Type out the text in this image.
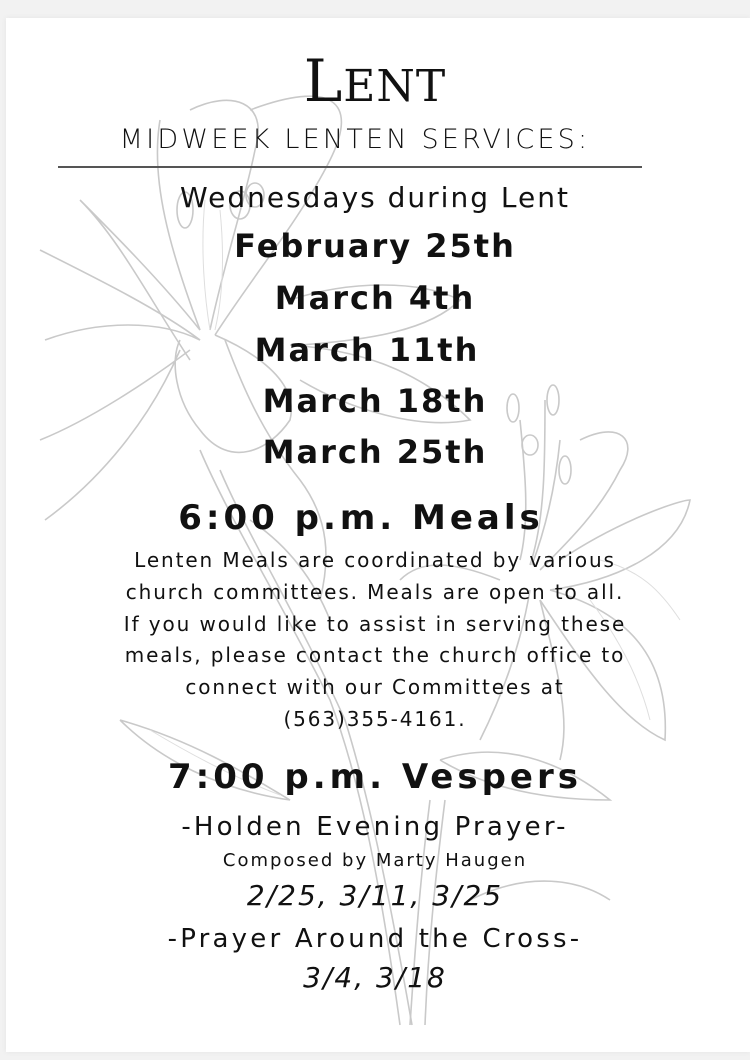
LENT
MIDWEEK LENTEN SERVICES:
Wednesdays during Lent
February 25th
March 4th
March 11th
March 18th
March 25th
6:00 p.m. Meals
Lenten Meals are coordinated by various
church committees. Meals are open to all.
If you would like to assist in serving these
meals, please contact the church office to
connect with our Committees at
(563)355-4161.
7:00 p.m. Vespers
-Holden Evening Prayer-
Composed by Marty Haugen
2/25, 3/11, 3/25
-Prayer Around the Cross-
3/4, 3/18
